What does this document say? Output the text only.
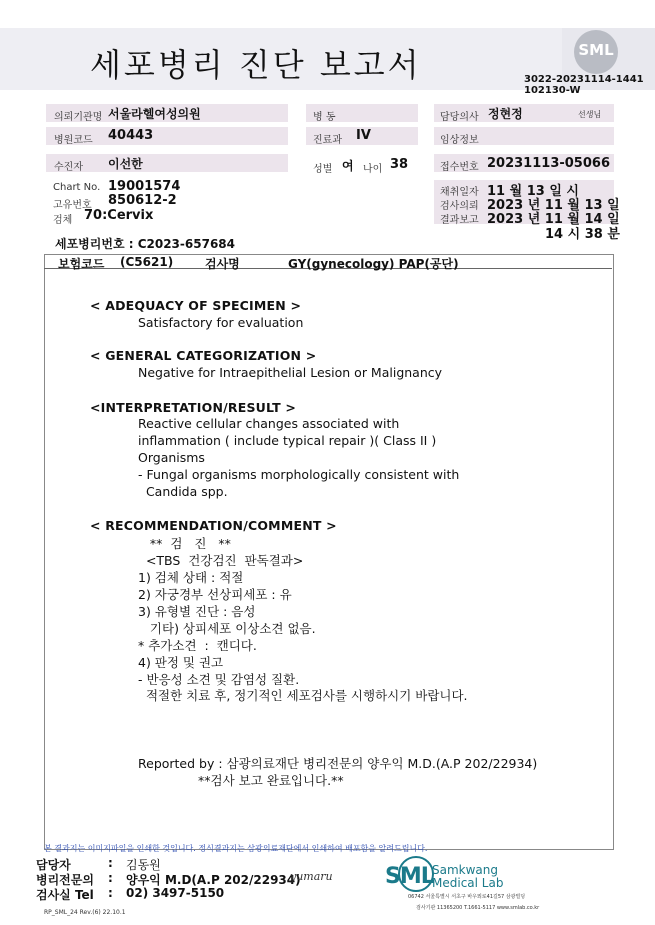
세포병리 진단 보고서	SML
3022-20231114-1441
102130-W
의뢰기관명 서울라헬여성의원	병 동	담당의사 정현정	선생님
병원코드 40443	진료과 IV	임상정보
수진자 이선한	성별 여 나이 38	접수번호 20231113-05066
Chart No. 19001574
고유번호 850612-2
검체 70:Cervix
채취일자 11 월 13 일 시
검사의뢰 2023 년 11 월 13 일
결과보고 2023 년 11 월 14 일
14 시 38 분
세포병리번호 : C2023-657684
보험코드 (C5621)	검사명	GY(gynecology) PAP(공단)
< ADEQUACY OF SPECIMEN >
Satisfactory for evaluation
< GENERAL CATEGORIZATION >
Negative for Intraepithelial Lesion or Malignancy
<INTERPRETATION/RESULT >
Reactive cellular changes associated with
inflammation ( include typical repair )( Class II )
Organisms
- Fungal organisms morphologically consistent with
Candida spp.
< RECOMMENDATION/COMMENT >
**  검   진   **
<TBS  건강검진  판독결과>
1) 검체 상태 : 적절
2) 자궁경부 선상피세포 : 유
3) 유형별 진단 : 음성
기타) 상피세포 이상소견 없음.
* 추가소견  :  캔디다.
4) 판정 및 권고
- 반응성 소견 및 감염성 질환.
적절한 치료 후, 정기적인 세포검사를 시행하시기 바랍니다.
Reported by : 삼광의료재단 병리전문의 양우익 M.D.(A.P 202/22934)
**검사 보고 완료입니다.**
본 결과지는 이미지파일을 인쇄한 것입니다. 정식결과지는 삼광의료재단에서 인쇄하여 배포함을 알려드립니다.
담당자	: 김동원
병리전문의 : 양우익 M.D(A.P 202/22934)
yumaru
검사실 Tel : 02) 3497-5150
RP_SML_24 Rev.(6) 22.10.1
SML
Samkwang
Medical Lab
06742 서울특별시 서초구 바우뫼로41길57 삼광빌딩
검사기관 11365200 T.1661-5117 www.smlab.co.kr
